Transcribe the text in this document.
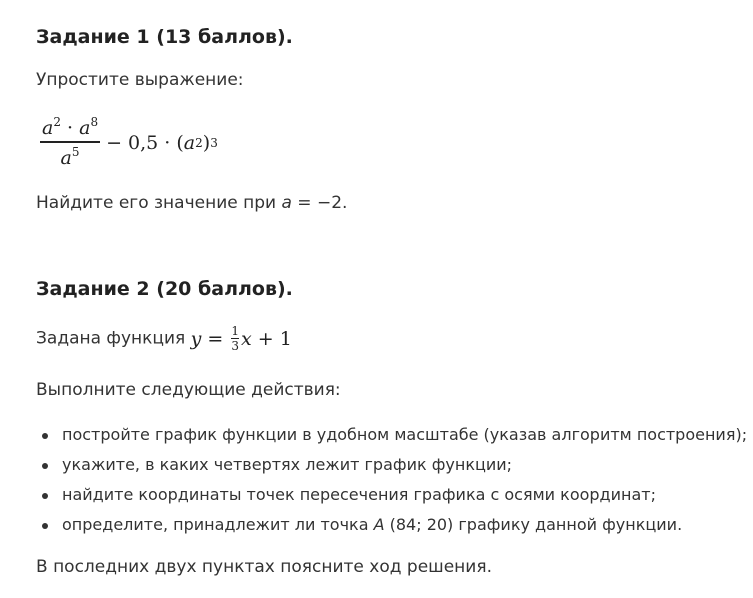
Задание 1 (13 баллов).
Упростите выражение:
$\frac{a^2 \cdot a^8}{a^5} - 0,5$ · ( a 2 ) 3
Найдите его значение при a = −2.
Задание 2 (20 баллов).
Задана функция y = 1
3 x + 1
Выполните следующие действия:
постройте график функции в удобном масштабе (указав алгоритм построения);
укажите, в каких четвертях лежит график функции;
найдите координаты точек пересечения графика с осями координат;
определите, принадлежит ли точка A (84; 20) графику данной функции.
В последних двух пунктах поясните ход решения.
